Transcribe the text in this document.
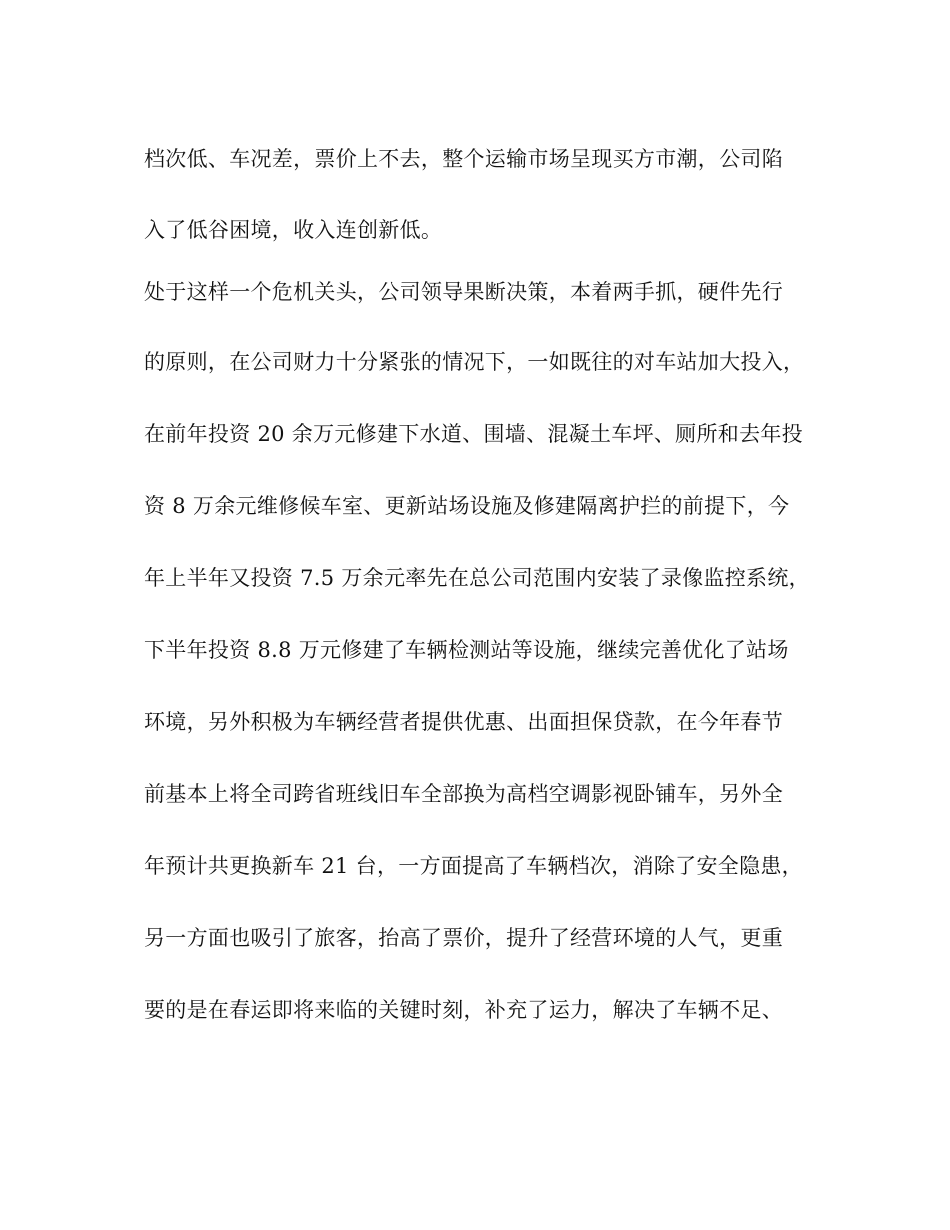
档次低、车况差，票价上不去，整个运输市场呈现买方市潮，公司陷

入了低谷困境，收入连创新低。

处于这样一个危机关头，公司领导果断决策，本着两手抓，硬件先行

的原则，在公司财力十分紧张的情况下，一如既往的对车站加大投入，

在前年投资 20 余万元修建下水道、围墙、混凝土车坪、厕所和去年投

资 8 万余元维修候车室、更新站场设施及修建隔离护拦的前提下，今

年上半年又投资 7.5 万余元率先在总公司范围内安装了录像监控系统，

下半年投资 8.8 万元修建了车辆检测站等设施，继续完善优化了站场

环境，另外积极为车辆经营者提供优惠、出面担保贷款，在今年春节

前基本上将全司跨省班线旧车全部换为高档空调影视卧铺车，另外全

年预计共更换新车 21 台，一方面提高了车辆档次，消除了安全隐患，

另一方面也吸引了旅客，抬高了票价，提升了经营环境的人气，更重

要的是在春运即将来临的关键时刻，补充了运力，解决了车辆不足、
